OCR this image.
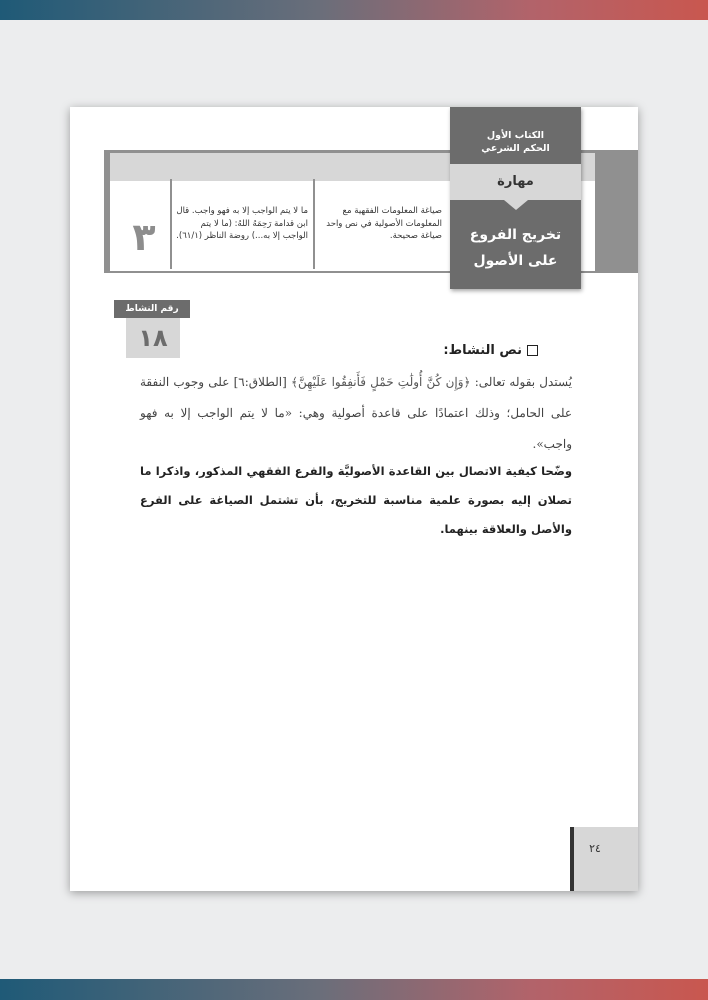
الهـدف
الموقع
المستوى
صياغة المعلومات الفقهية مع المعلومات الأصولية في نص واحد صياغة صحيحة.
ما لا يتم الواجب إلا به فهو واجب. قال ابن قدامة رَحِمَهُ اللهُ: (ما لا يتم الواجب إلا به...) روضة الناظر (٦١/١).
٣
الكتاب الأول
الحكم الشرعي
مهارة
تخريج الفروع
على الأصول
رقم النشاط
١٨	نص النشاط:
يُستدل بقوله تعالى: ﴿وَإِن كُنَّ أُولَٰتِ حَمْلٍ فَأَنفِقُوا عَلَيْهِنَّ﴾ [الطلاق:٦] على وجوب النفقة على الحامل؛ وذلك اعتمادًا على قاعدة أصولية وهي: «ما لا يتم الواجب إلا به فهو واجب».
وضّحا كيفية الاتصال بين القاعدة الأصوليَّة والفرع الفقهي المذكور، واذكرا ما تصلان إليه بصورة علمية مناسبة للتخريج، بأن تشتمل الصياغة على الفرع والأصل والعلاقة بينهما.
٢٤
